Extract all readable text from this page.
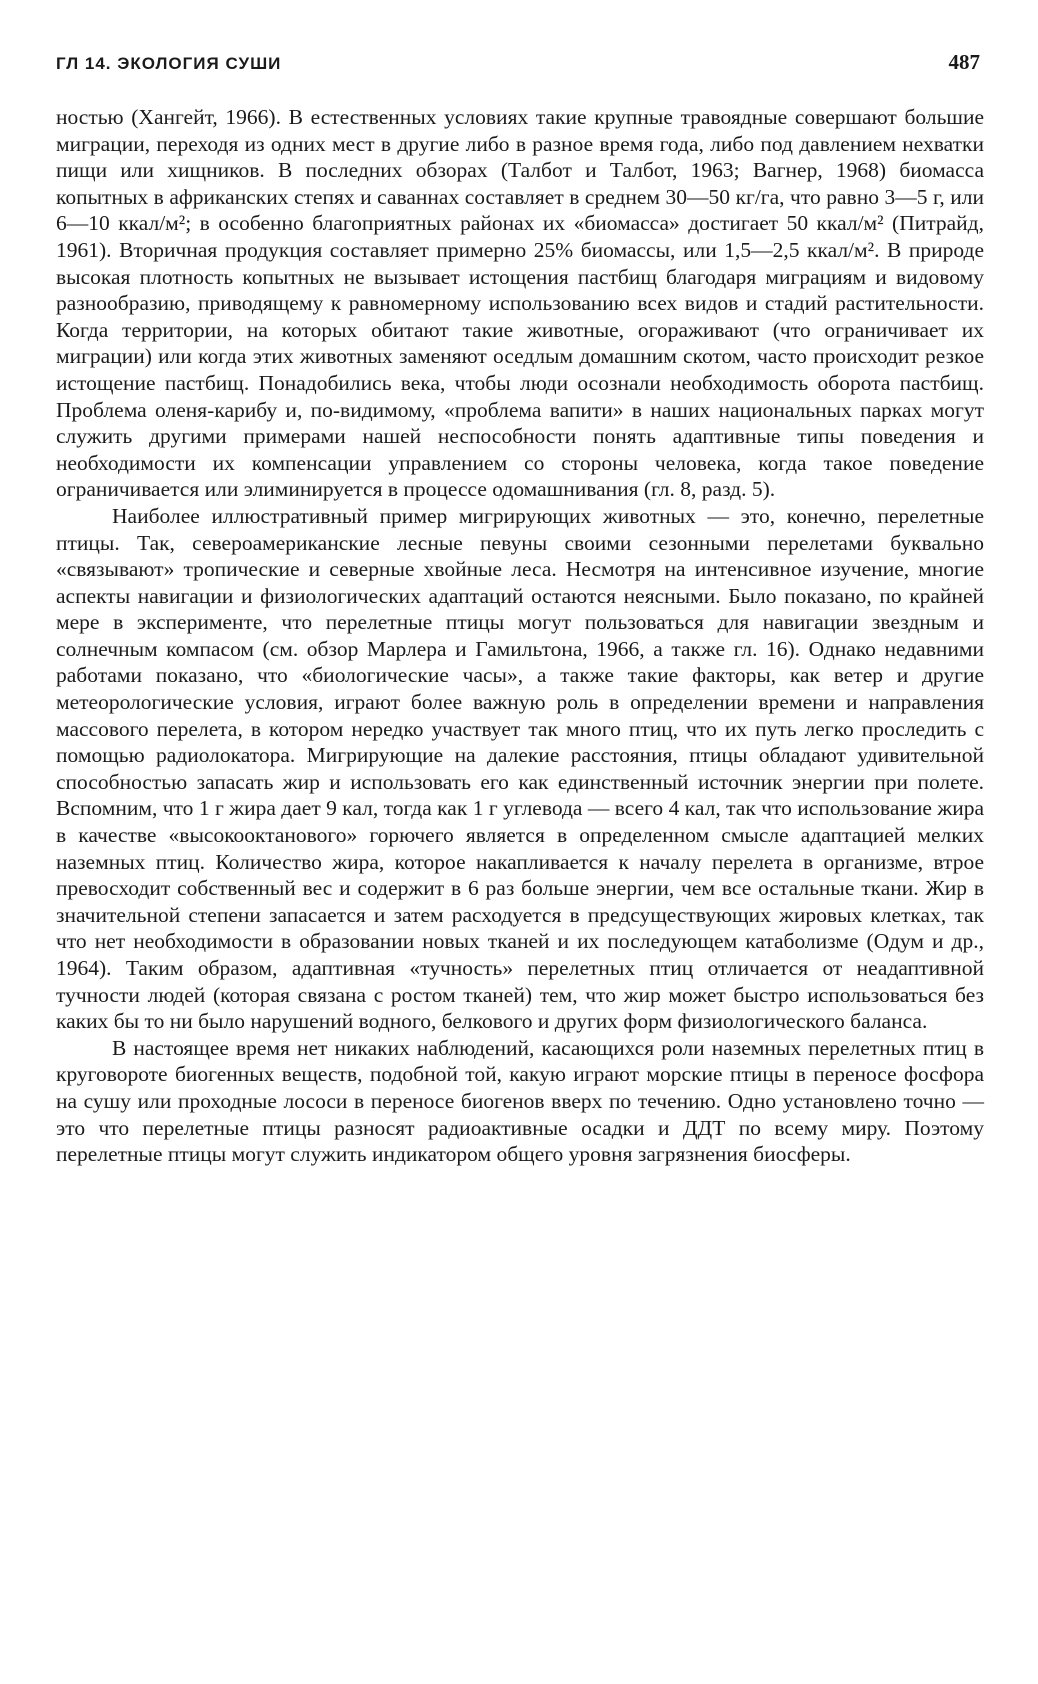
ГЛ 14. ЭКОЛОГИЯ СУШИ	487

ностью (Хангейт, 1966). В естественных условиях такие крупные травоядные совершают большие миграции, переходя из одних мест в другие либо в разное время года, либо под давлением нехватки пищи или хищников. В последних обзорах (Талбот и Талбот, 1963; Вагнер, 1968) биомасса копытных в африканских степях и саваннах составляет в среднем 30—50 кг/га, что равно 3—5 г, или 6—10 ккал/м²; в особенно благоприятных районах их «биомасса» достигает 50 ккал/м² (Питрайд, 1961). Вторичная продукция составляет примерно 25% биомассы, или 1,5—2,5 ккал/м². В природе высокая плотность копытных не вызывает истощения пастбищ благодаря миграциям и видовому разнообразию, приводящему к равномерному использованию всех видов и стадий растительности. Когда территории, на которых обитают такие животные, огораживают (что ограничивает их миграции) или когда этих животных заменяют оседлым домашним скотом, часто происходит резкое истощение пастбищ. Понадобились века, чтобы люди осознали необходимость оборота пастбищ. Проблема оленя-карибу и, по-видимому, «проблема вапити» в наших национальных парках могут служить другими примерами нашей неспособности понять адаптивные типы поведения и необходимости их компенсации управлением со стороны человека, когда такое поведение ограничивается или элиминируется в процессе одомашнивания (гл. 8, разд. 5).

Наиболее иллюстративный пример мигрирующих животных — это, конечно, перелетные птицы. Так, североамериканские лесные певуны своими сезонными перелетами буквально «связывают» тропические и северные хвойные леса. Несмотря на интенсивное изучение, многие аспекты навигации и физиологических адаптаций остаются неясными. Было показано, по крайней мере в эксперименте, что перелетные птицы могут пользоваться для навигации звездным и солнечным компасом (см. обзор Марлера и Гамильтона, 1966, а также гл. 16). Однако недавними работами показано, что «биологические часы», а также такие факторы, как ветер и другие метеорологические условия, играют более важную роль в определении времени и направления массового перелета, в котором нередко участвует так много птиц, что их путь легко проследить с помощью радиолокатора. Мигрирующие на далекие расстояния, птицы обладают удивительной способностью запасать жир и использовать его как единственный источник энергии при полете. Вспомним, что 1 г жира дает 9 кал, тогда как 1 г углевода — всего 4 кал, так что использование жира в качестве «высокооктанового» горючего является в определенном смысле адаптацией мелких наземных птиц. Количество жира, которое накапливается к началу перелета в организме, втрое превосходит собственный вес и содержит в 6 раз больше энергии, чем все остальные ткани. Жир в значительной степени запасается и затем расходуется в предсуществующих жировых клетках, так что нет необходимости в образовании новых тканей и их последующем катаболизме (Одум и др., 1964). Таким образом, адаптивная «тучность» перелетных птиц отличается от неадаптивной тучности людей (которая связана с ростом тканей) тем, что жир может быстро использоваться без каких бы то ни было нарушений водного, белкового и других форм физиологического баланса.

В настоящее время нет никаких наблюдений, касающихся роли наземных перелетных птиц в круговороте биогенных веществ, подобной той, какую играют морские птицы в переносе фосфора на сушу или проходные лососи в переносе биогенов вверх по течению. Одно установлено точно — это что перелетные птицы разносят радиоактивные осадки и ДДТ по всему миру. Поэтому перелетные птицы могут служить индикатором общего уровня загрязнения биосферы.
